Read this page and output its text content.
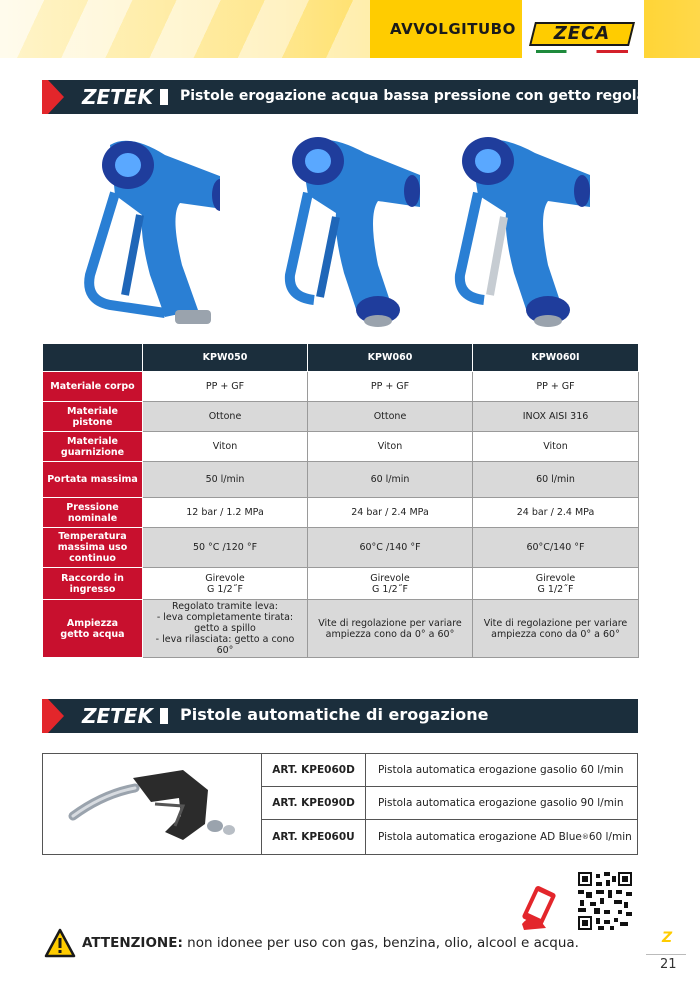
AVVOLGITUBO	ZECA
ZETEK Pistole erogazione acqua bassa pressione con getto regolabile
	KPW050	KPW060	KPW060I
Materiale corpo	PP + GF	PP + GF	PP + GF
Materiale pistone	Ottone	Ottone	INOX AISI 316
Materiale
guarnizione	Viton	Viton	Viton
Portata massima	50 l/min	60 l/min	60 l/min
Pressione nominale	12 bar / 1.2 MPa	24 bar / 2.4 MPa	24 bar / 2.4 MPa
Temperatura
massima uso
continuo	50 °C /120 °F	60°C /140 °F	60°C/140 °F
Raccordo in
ingresso	Girevole
G 1/2˝F	Girevole
G 1/2˝F	Girevole
G 1/2˝F
Ampiezza
getto acqua	Regolato tramite leva:
- leva completamente tirata:
getto a spillo
- leva rilasciata: getto a cono 60°	Vite di regolazione per variare
ampiezza cono da 0° a 60°	Vite di regolazione per variare
ampiezza cono da 0° a 60°
ZETEK Pistole automatiche di erogazione
ART. KPE060D	Pistola automatica erogazione gasolio 60 l/min
ART. KPE090D	Pistola automatica erogazione gasolio 90 l/min
ART. KPE060U	Pistola automatica erogazione AD Blue ® 60 l/min
ATTENZIONE: non idonee per uso con gas, benzina, olio, alcool e acqua.	Z
21
